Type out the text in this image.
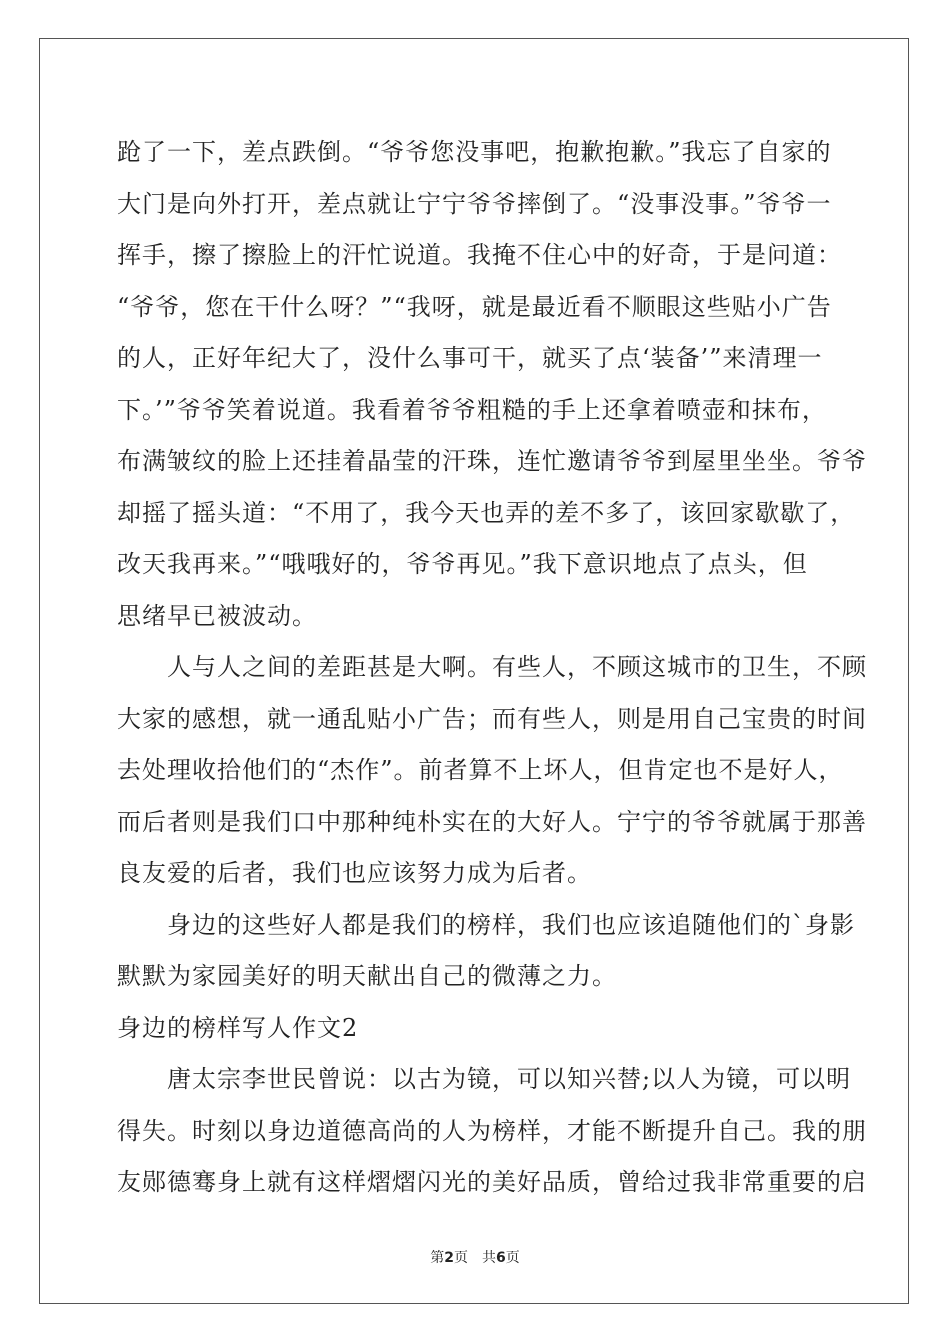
跄了一下，差点跌倒。“爷爷您没事吧，抱歉抱歉。”我忘了自家的
大门是向外打开，差点就让宁宁爷爷摔倒了。“没事没事。”爷爷一
挥手，擦了擦脸上的汗忙说道。我掩不住心中的好奇，于是问道：
“爷爷，您在干什么呀？”“我呀，就是最近看不顺眼这些贴小广告
的人，正好年纪大了，没什么事可干，就买了点‘装备’”来清理一
下。’”爷爷笑着说道。我看着爷爷粗糙的手上还拿着喷壶和抹布，
布满皱纹的脸上还挂着晶莹的汗珠，连忙邀请爷爷到屋里坐坐。爷爷
却摇了摇头道：“不用了，我今天也弄的差不多了，该回家歇歇了，
改天我再来。”“哦哦好的，爷爷再见。”我下意识地点了点头，但
思绪早已被波动。
人与人之间的差距甚是大啊。有些人，不顾这城市的卫生，不顾
大家的感想，就一通乱贴小广告；而有些人，则是用自己宝贵的时间
去处理收拾他们的“杰作”。前者算不上坏人，但肯定也不是好人，
而后者则是我们口中那种纯朴实在的大好人。宁宁的爷爷就属于那善
良友爱的后者，我们也应该努力成为后者。
身边的这些好人都是我们的榜样，我们也应该追随他们的`身影
默默为家园美好的明天献出自己的微薄之力。
身边的榜样写人作文2
唐太宗李世民曾说：以古为镜，可以知兴替;以人为镜，可以明
得失。时刻以身边道德高尚的人为榜样，才能不断提升自己。我的朋
友郧德骞身上就有这样熠熠闪光的美好品质，曾给过我非常重要的启
第2页　共6页
